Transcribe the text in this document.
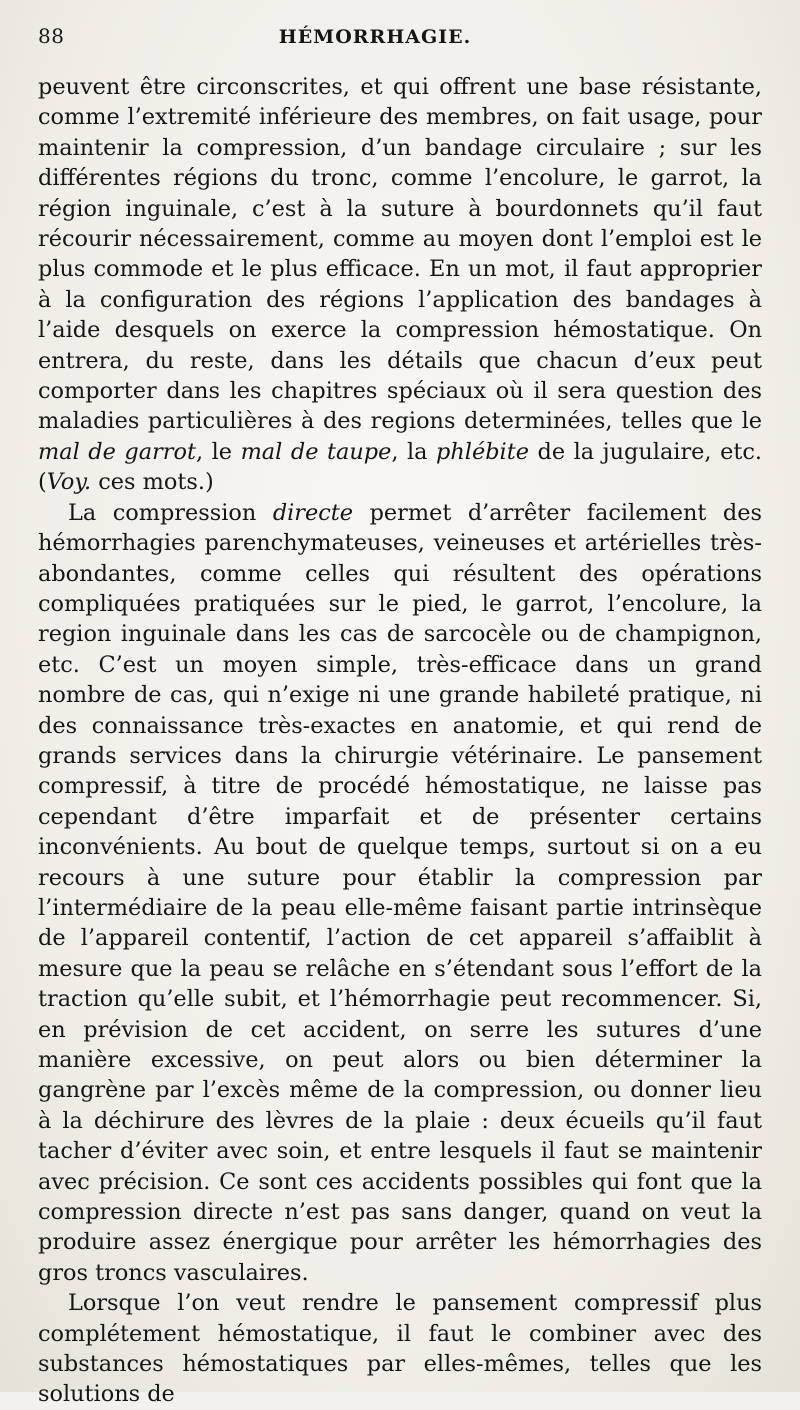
88	HÉMORRHAGIE.

peuvent être circonscrites, et qui offrent une base résistante, comme l’extremité inférieure des membres, on fait usage, pour maintenir la compression, d’un bandage circulaire ; sur les différentes régions du tronc, comme l’encolure, le garrot, la région inguinale, c’est à la suture à bourdonnets qu’il faut récourir nécessairement, comme au moyen dont l’emploi est le plus commode et le plus efficace. En un mot, il faut approprier à la configuration des régions l’application des bandages à l’aide desquels on exerce la compression hémostatique. On entrera, du reste, dans les détails que chacun d’eux peut comporter dans les chapitres spéciaux où il sera question des maladies particulières à des regions determinées, telles que le mal de garrot, le mal de taupe, la phlébite de la jugulaire, etc. (Voy. ces mots.)

La compression directe permet d’arrêter facilement des hémorrhagies parenchymateuses, veineuses et artérielles très-abondantes, comme celles qui résultent des opérations compliquées pratiquées sur le pied, le garrot, l’encolure, la region inguinale dans les cas de sarcocèle ou de champignon, etc. C’est un moyen simple, très-efficace dans un grand nombre de cas, qui n’exige ni une grande habileté pratique, ni des connaissance très-exactes en anatomie, et qui rend de grands services dans la chirurgie vétérinaire. Le pansement compressif, à titre de procédé hémostatique, ne laisse pas cependant d’être imparfait et de présenter certains inconvénients. Au bout de quelque temps, surtout si on a eu recours à une suture pour établir la compression par l’intermédiaire de la peau elle-même faisant partie intrinsèque de l’appareil contentif, l’action de cet appareil s’affaiblit à mesure que la peau se relâche en s’étendant sous l’effort de la traction qu’elle subit, et l’hémorrhagie peut recommencer. Si, en prévision de cet accident, on serre les sutures d’une manière excessive, on peut alors ou bien déterminer la gangrène par l’excès même de la compression, ou donner lieu à la déchirure des lèvres de la plaie : deux écueils qu’il faut tacher d’éviter avec soin, et entre lesquels il faut se maintenir avec précision. Ce sont ces accidents possibles qui font que la compression directe n’est pas sans danger, quand on veut la produire assez énergique pour arrêter les hémorrhagies des gros troncs vasculaires.

Lorsque l’on veut rendre le pansement compressif plus complétement hémostatique, il faut le combiner avec des substances hémostatiques par elles-mêmes, telles que les solutions de
